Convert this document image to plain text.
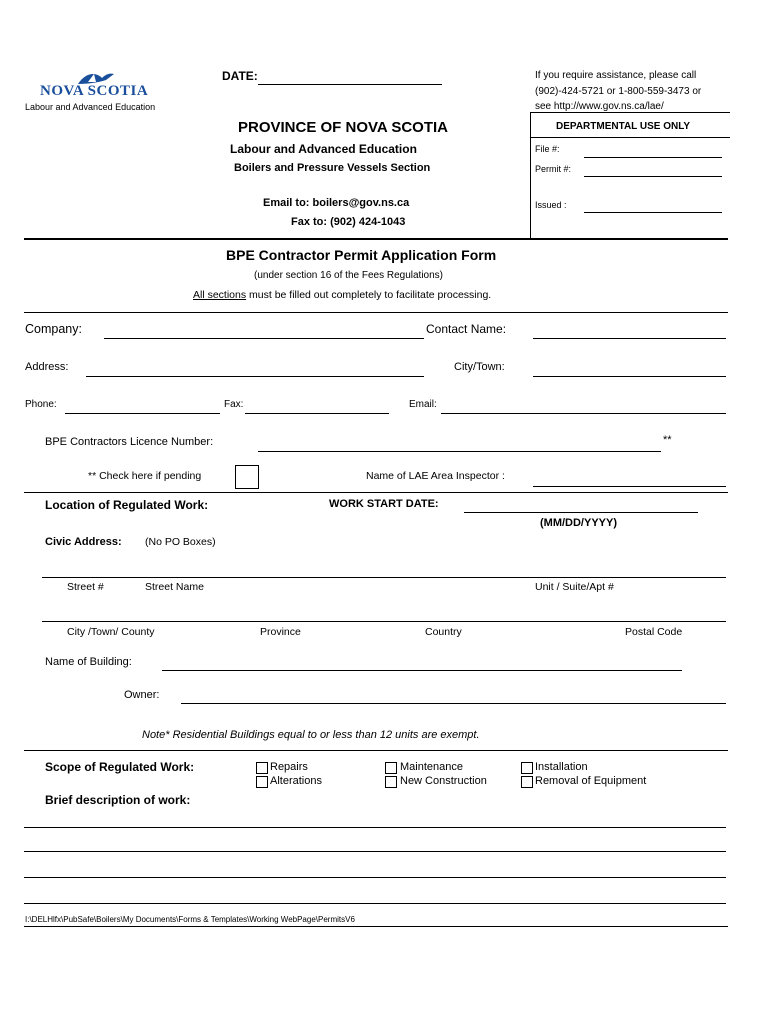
NOVA SCOTIA
Labour and Advanced Education
DATE:	If you require assistance, please call
(902)-424-5721 or 1-800-559-3473 or
see http://www.gov.ns.ca/lae/
PROVINCE OF NOVA SCOTIA
Labour and Advanced Education
Boilers and Pressure Vessels Section
Email to: boilers@gov.ns.ca
Fax to: (902) 424-1043
DEPARTMENTAL USE ONLY
File #:
Permit #:
Issued :
BPE Contractor Permit Application Form
(under section 16 of the Fees Regulations)
All sections must be filled out completely to facilitate processing.
Company:	Contact Name:
Address:	City/Town:
Phone:	Fax:	Email:
BPE Contractors Licence Number:	**
** Check here if pending	Name of LAE Area Inspector :
Location of Regulated Work:	WORK START DATE:
(MM/DD/YYYY)
Civic Address: (No PO Boxes)
Street #	Street Name	Unit / Suite/Apt #
City /Town/ County	Province	Country	Postal Code
Name of Building:
Owner:
Note* Residential Buildings equal to or less than 12 units are exempt.
Scope of Regulated Work:	Repairs
Alterations
Maintenance
New Construction
Installation
Removal of Equipment
Brief description of work:
I:\DELHlfx\PubSafe\Boilers\My Documents\Forms & Templates\Working WebPage\PermitsV6
